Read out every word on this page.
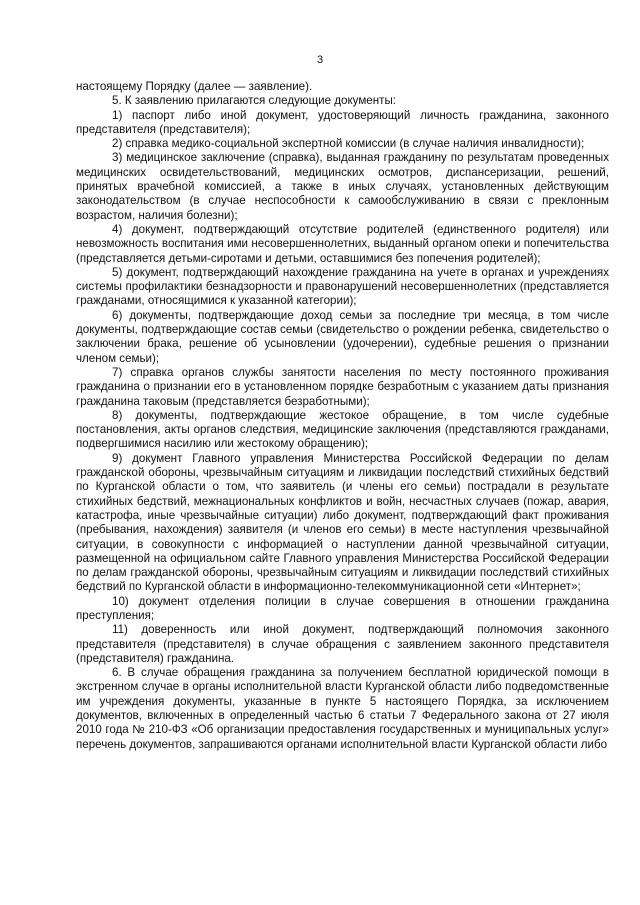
3

настоящему Порядку (далее — заявление).

5. К заявлению прилагаются следующие документы:

1) паспорт либо иной документ, удостоверяющий личность гражданина, законного представителя (представителя);

2) справка медико-социальной экспертной комиссии (в случае наличия инвалидности);

3) медицинское заключение (справка), выданная гражданину по результатам проведенных медицинских освидетельствований, медицинских осмотров, диспансеризации, решений, принятых врачебной комиссией, а также в иных случаях, установленных действующим законодательством (в случае неспособности к самообслуживанию в связи с преклонным возрастом, наличия болезни);

4) документ, подтверждающий отсутствие родителей (единственного родителя) или невозможность воспитания ими несовершеннолетних, выданный органом опеки и попечительства (представляется детьми-сиротами и детьми, оставшимися без попечения родителей);

5) документ, подтверждающий нахождение гражданина на учете в органах и учреждениях системы профилактики безнадзорности и правонарушений несовершеннолетних (представляется гражданами, относящимися к указанной категории);

6) документы, подтверждающие доход семьи за последние три месяца, в том числе документы, подтверждающие состав семьи (свидетельство о рождении ребенка, свидетельство о заключении брака, решение об усыновлении (удочерении), судебные решения о признании членом семьи);

7) справка органов службы занятости населения по месту постоянного проживания гражданина о признании его в установленном порядке безработным с указанием даты признания гражданина таковым (представляется безработными);

8) документы, подтверждающие жестокое обращение, в том числе судебные постановления, акты органов следствия, медицинские заключения (представляются гражданами, подвергшимися насилию или жестокому обращению);

9) документ Главного управления Министерства Российской Федерации по делам гражданской обороны, чрезвычайным ситуациям и ликвидации последствий стихийных бедствий по Курганской области о том, что заявитель (и члены его семьи) пострадали в результате стихийных бедствий, межнациональных конфликтов и войн, несчастных случаев (пожар, авария, катастрофа, иные чрезвычайные ситуации) либо документ, подтверждающий факт проживания (пребывания, нахождения) заявителя (и членов его семьи) в месте наступления чрезвычайной ситуации, в совокупности с информацией о наступлении данной чрезвычайной ситуации, размещенной на официальном сайте Главного управления Министерства Российской Федерации по делам гражданской обороны, чрезвычайным ситуациям и ликвидации последствий стихийных бедствий по Курганской области в информационно-телекоммуникационной сети «Интернет»;

10) документ отделения полиции в случае совершения в отношении гражданина преступления;

11) доверенность или иной документ, подтверждающий полномочия законного представителя (представителя) в случае обращения с заявлением законного представителя (представителя) гражданина.

6. В случае обращения гражданина за получением бесплатной юридической помощи в экстренном случае в органы исполнительной власти Курганской области либо подведомственные им учреждения документы, указанные в пункте 5 настоящего Порядка, за исключением документов, включенных в определенный частью 6 статьи 7 Федерального закона от 27 июля 2010 года № 210-ФЗ «Об организации предоставления государственных и муниципальных услуг» перечень документов, запрашиваются органами исполнительной власти Курганской области либо
